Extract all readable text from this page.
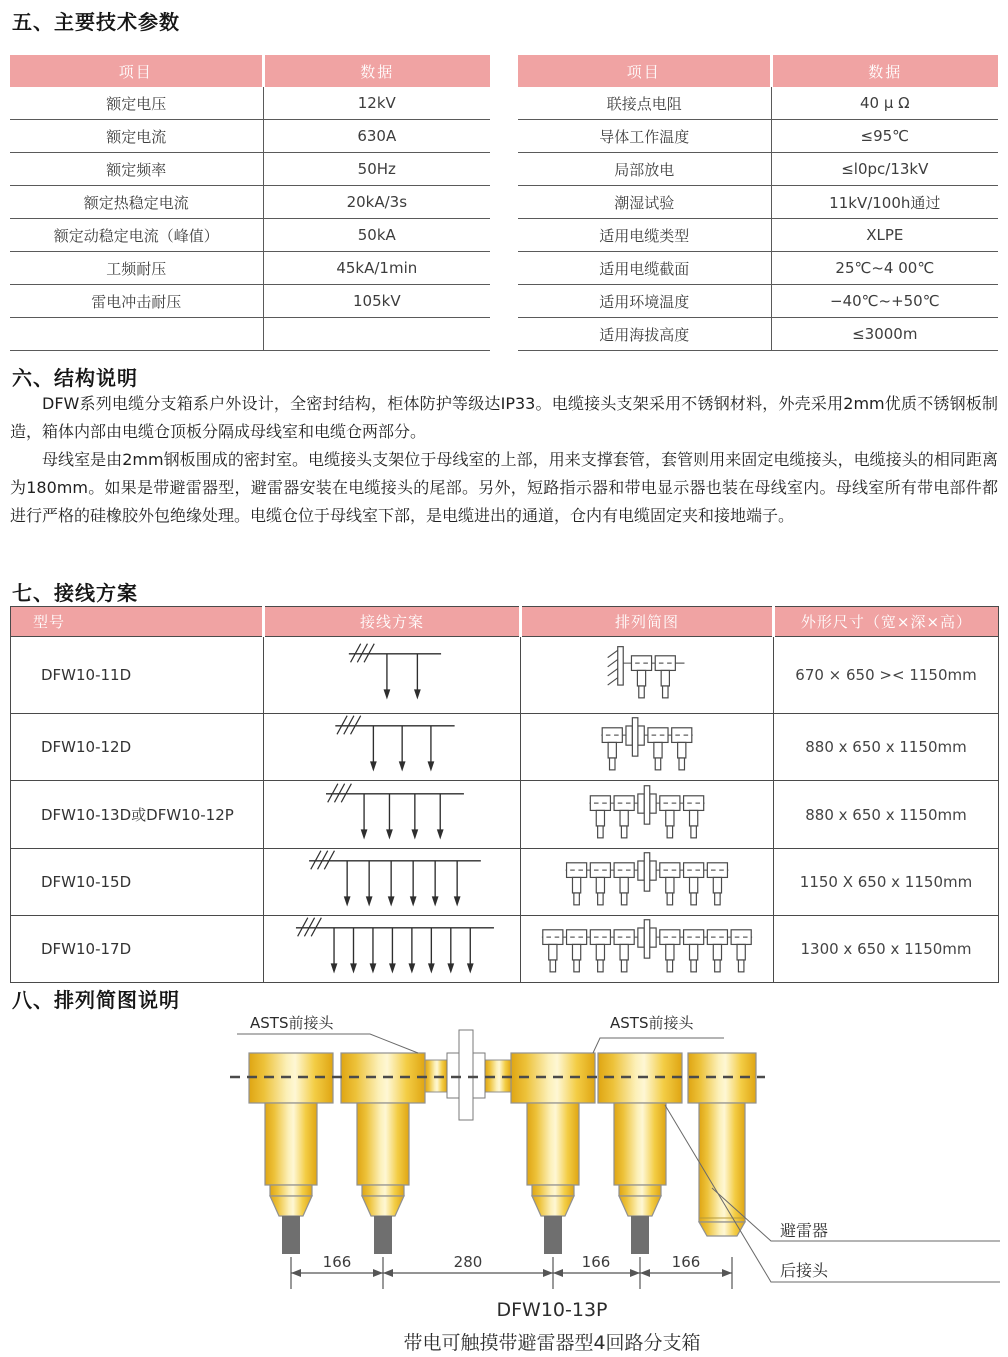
五、主要技术参数
项目	数据
额定电压	12kV
额定电流	630A
额定频率	50Hz
额定热稳定电流	20kA/3s
额定动稳定电流（峰值）	50kA
工频耐压	45kA/1min
雷电冲击耐压	105kV

项目	数据
联接点电阻	40 μ Ω
导体工作温度	≤95℃
局部放电	≤l0pc/13kV
潮湿试验	11kV/100h通过
适用电缆类型	XLPE
适用电缆截面	25℃~4 00℃
适用环境温度	−40℃~+50℃
适用海拔高度	≤3000m
六、结构说明

DFW系列电缆分支箱系户外设计，全密封结构，柜体防护等级达IP33。电缆接头支架采用不锈钢材料，外壳采用2mm优质不锈钢板制造，箱体内部由电缆仓顶板分隔成母线室和电缆仓两部分。

母线室是由2mm钢板围成的密封室。电缆接头支架位于母线室的上部，用来支撑套管，套管则用来固定电缆接头，电缆接头的相同距离为180mm。如果是带避雷器型，避雷器安装在电缆接头的尾部。另外，短路指示器和带电显示器也装在母线室内。母线室所有带电部件都进行严格的硅橡胶外包绝缘处理。电缆仓位于母线室下部，是电缆进出的通道，仓内有电缆固定夹和接地端子。

七、接线方案
型号	接线方案	排列简图	外形尺寸（宽×深×高）
DFW10-11D			670 × 650 >< 1150mm
DFW10-12D			880 x 650 x 1150mm
DFW10-13D或DFW10-12P			880 x 650 x 1150mm
DFW10-15D			1150 X 650 x 1150mm
DFW10-17D			1300 x 650 x 1150mm
八、排列简图说明
ASTS前接头	ASTS前接头
避雷器
后接头
166	280	166	166
DFW10-13P
带电可触摸带避雷器型4回路分支箱
